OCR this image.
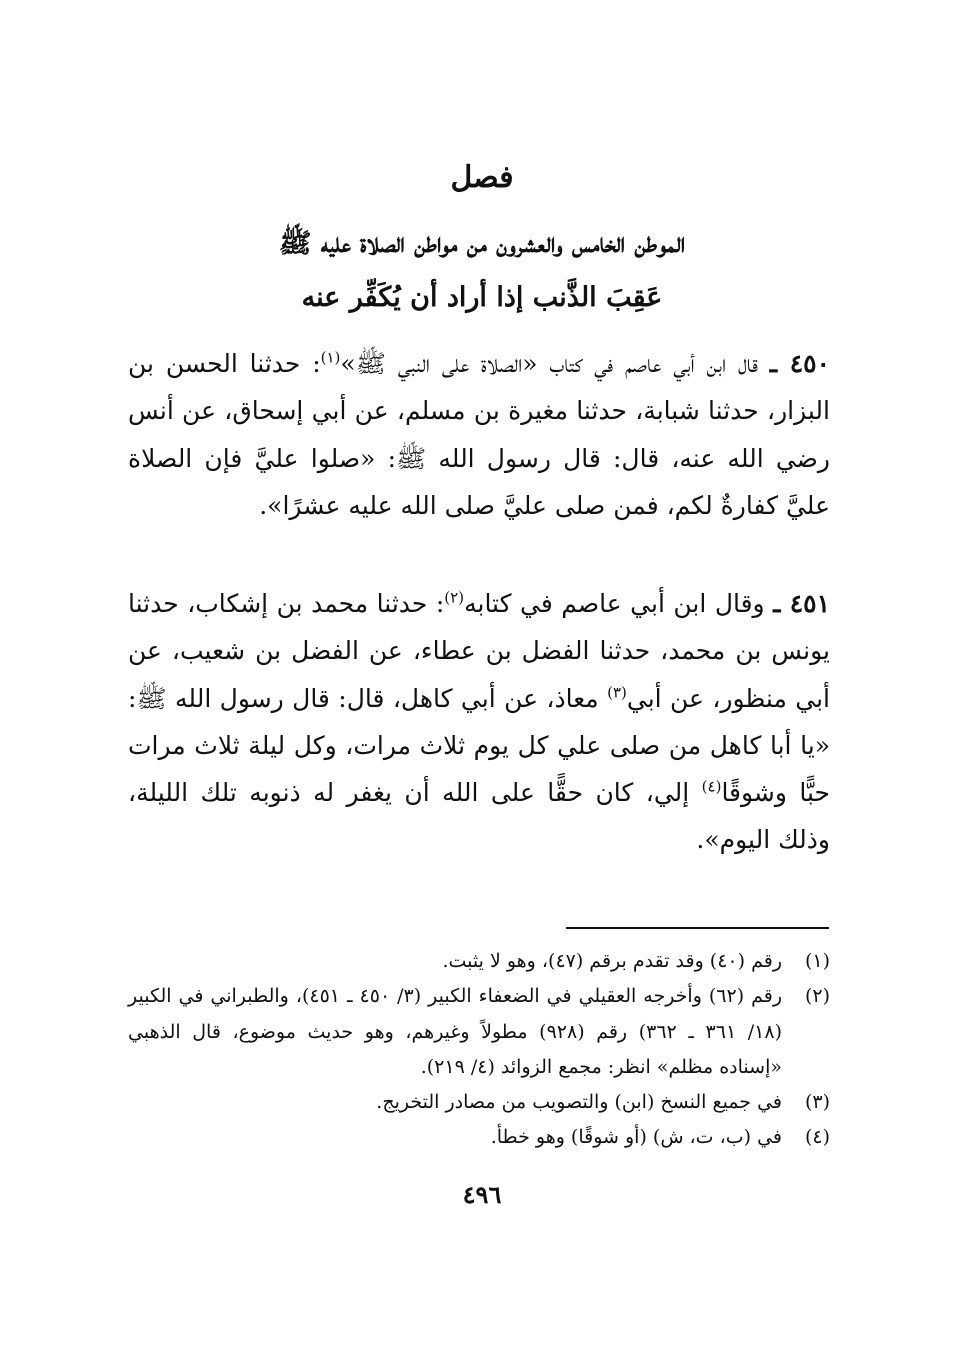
فصل
الموطن الخامس والعشرون من مواطن الصلاة عليه ﷺ
عَقِبَ الذَّنب إذا أراد أن يُكَفِّر عنه
٤٥٠ ـ قال ابن أبي عاصم في كتاب «الصلاة على النبي ﷺ»$^{(١)}$: حدثنا الحسن بن البزار، حدثنا شبابة، حدثنا مغيرة بن مسلم، عن أبي إسحاق، عن أنس رضي الله عنه، قال: قال رسول الله ﷺ: «صلوا عليَّ فإن الصلاة عليَّ كفارةٌ لكم، فمن صلى عليَّ صلى الله عليه عشرًا».
٤٥١ ـ وقال ابن أبي عاصم في كتابه$^{(٢)}$: حدثنا محمد بن إشكاب، حدثنا يونس بن محمد، حدثنا الفضل بن عطاء، عن الفضل بن شعيب، عن أبي منظور، عن أبي$^{(٣)}$ معاذ، عن أبي كاهل، قال: قال رسول الله ﷺ: «يا أبا كاهل من صلى علي كل يوم ثلاث مرات، وكل ليلة ثلاث مرات حبًّا وشوقًا$^{(٤)}$ إلي، كان حقًّا على الله أن يغفر له ذنوبه تلك الليلة، وذلك اليوم».
(١)
رقم (٤٠) وقد تقدم برقم (٤٧)، وهو لا يثبت.
(٢)
رقم (٦٢) وأخرجه العقيلي في الضعفاء الكبير (٣/ ٤٥٠ ـ ٤٥١)، والطبراني في الكبير (١٨/ ٣٦١ ـ ٣٦٢) رقم (٩٢٨) مطولاً وغيرهم، وهو حديث موضوع، قال الذهبي «إسناده مظلم» انظر: مجمع الزوائد (٤/ ٢١٩).
(٣)
في جميع النسخ (ابن) والتصويب من مصادر التخريج.
(٤)
في (ب، ت، ش) (أو شوقًا) وهو خطأ.
٤٩٦
